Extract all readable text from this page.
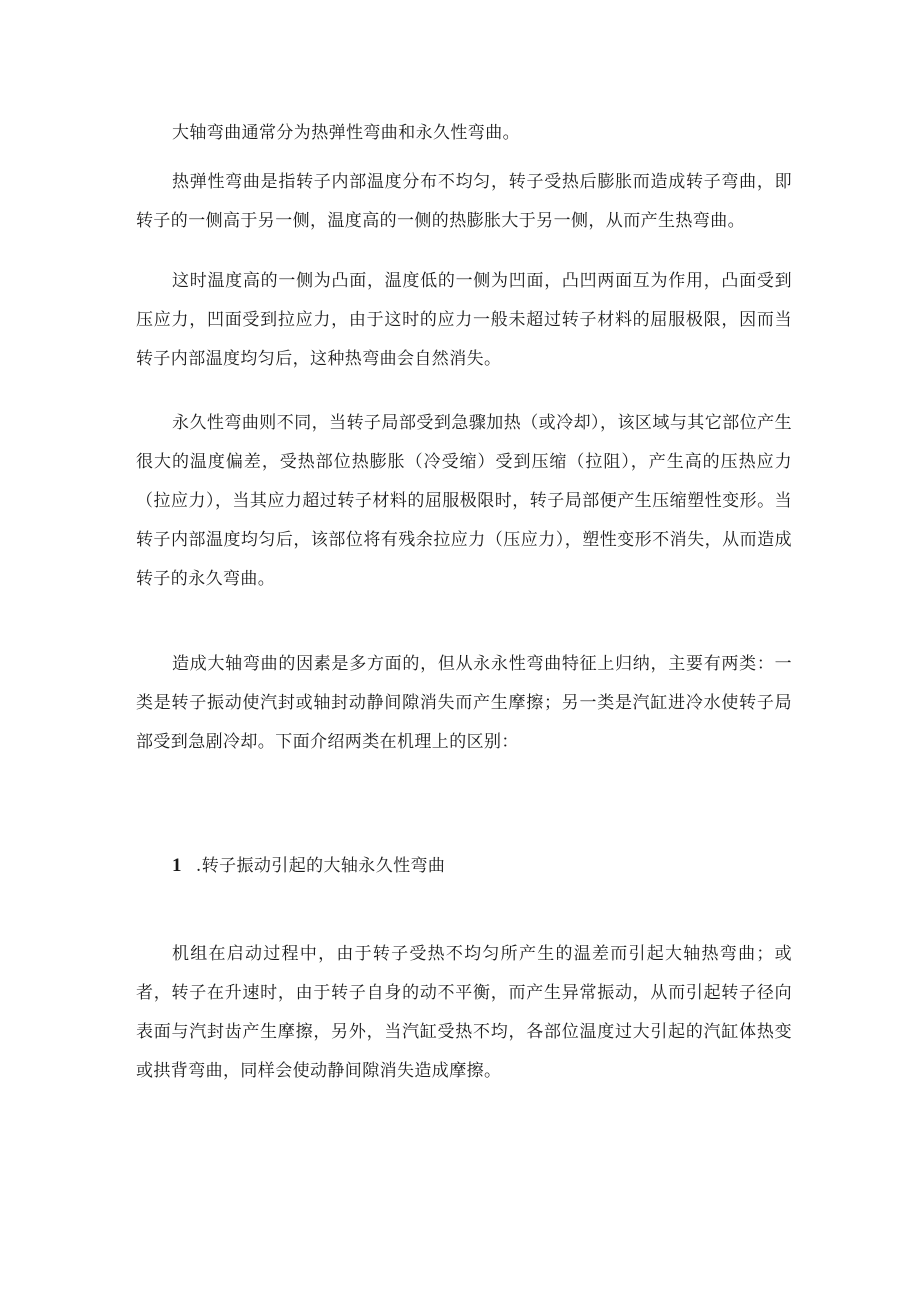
大轴弯曲通常分为热弹性弯曲和永久性弯曲。

热弹性弯曲是指转子内部温度分布不均匀，转子受热后膨胀而造成转子弯曲，即转子的一侧高于另一侧，温度高的一侧的热膨胀大于另一侧，从而产生热弯曲。

这时温度高的一侧为凸面，温度低的一侧为凹面，凸凹两面互为作用，凸面受到压应力，凹面受到拉应力，由于这时的应力一般未超过转子材料的屈服极限，因而当转子内部温度均匀后，这种热弯曲会自然消失。

永久性弯曲则不同，当转子局部受到急骤加热（或冷却），该区域与其它部位产生很大的温度偏差，受热部位热膨胀（冷受缩）受到压缩（拉阻），产生高的压热应力（拉应力），当其应力超过转子材料的屈服极限时，转子局部便产生压缩塑性变形。当转子内部温度均匀后，该部位将有残余拉应力（压应力），塑性变形不消失，从而造成转子的永久弯曲。

造成大轴弯曲的因素是多方面的，但从永永性弯曲特征上归纳，主要有两类：一类是转子振动使汽封或轴封动静间隙消失而产生摩擦；另一类是汽缸进冷水使转子局部受到急剧冷却。下面介绍两类在机理上的区别：

1 .转子振动引起的大轴永久性弯曲

机组在启动过程中，由于转子受热不均匀所产生的温差而引起大轴热弯曲；或者，转子在升速时，由于转子自身的动不平衡，而产生异常振动，从而引起转子径向表面与汽封齿产生摩擦，另外，当汽缸受热不均，各部位温度过大引起的汽缸体热变或拱背弯曲，同样会使动静间隙消失造成摩擦。
